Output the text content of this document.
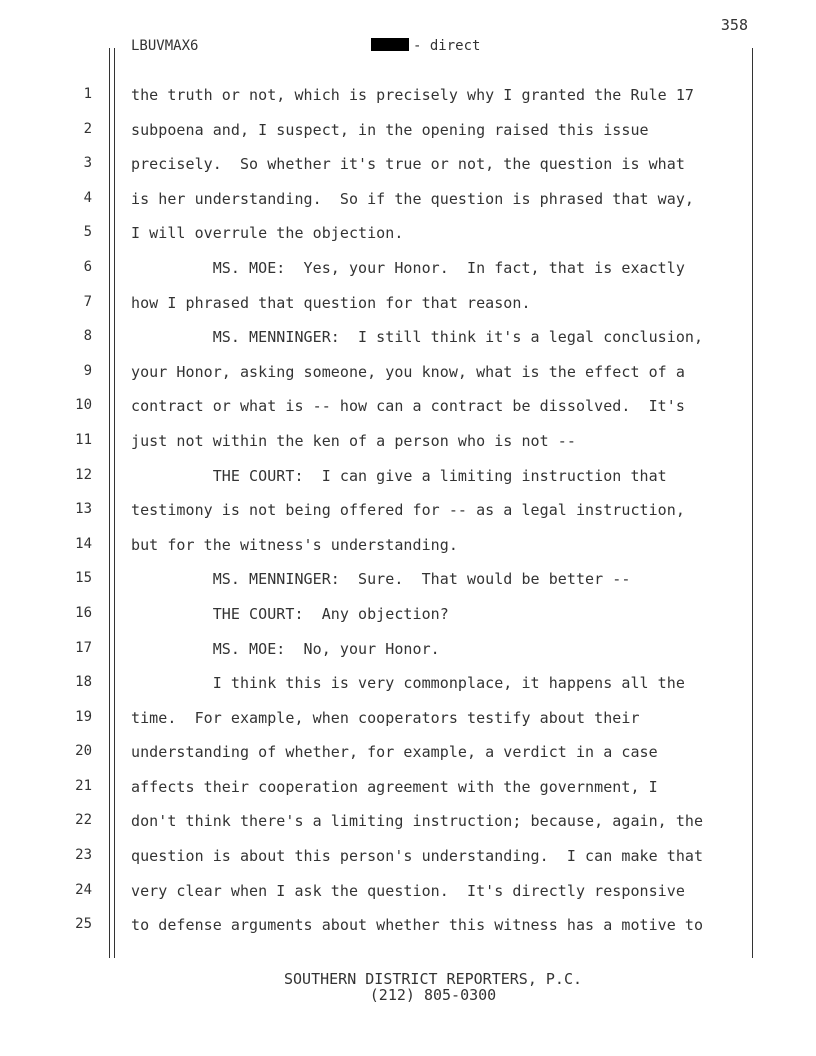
358
LBUVMAX6	- direct
1	the truth or not, which is precisely why I granted the Rule 17
2	subpoena and, I suspect, in the opening raised this issue
3	precisely.  So whether it's true or not, the question is what
4	is her understanding.  So if the question is phrased that way,
5	I will overrule the objection.
6	MS. MOE:  Yes, your Honor.  In fact, that is exactly
7	how I phrased that question for that reason.
8	MS. MENNINGER:  I still think it's a legal conclusion,
9	your Honor, asking someone, you know, what is the effect of a
10	contract or what is -- how can a contract be dissolved.  It's
11	just not within the ken of a person who is not --
12	THE COURT:  I can give a limiting instruction that
13	testimony is not being offered for -- as a legal instruction,
14	but for the witness's understanding.
15	MS. MENNINGER:  Sure.  That would be better --
16	THE COURT:  Any objection?
17	MS. MOE:  No, your Honor.
18	I think this is very commonplace, it happens all the
19	time.  For example, when cooperators testify about their
20	understanding of whether, for example, a verdict in a case
21	affects their cooperation agreement with the government, I
22	don't think there's a limiting instruction; because, again, the
23	question is about this person's understanding.  I can make that
24	very clear when I ask the question.  It's directly responsive
25	to defense arguments about whether this witness has a motive to
SOUTHERN DISTRICT REPORTERS, P.C.
(212) 805-0300
